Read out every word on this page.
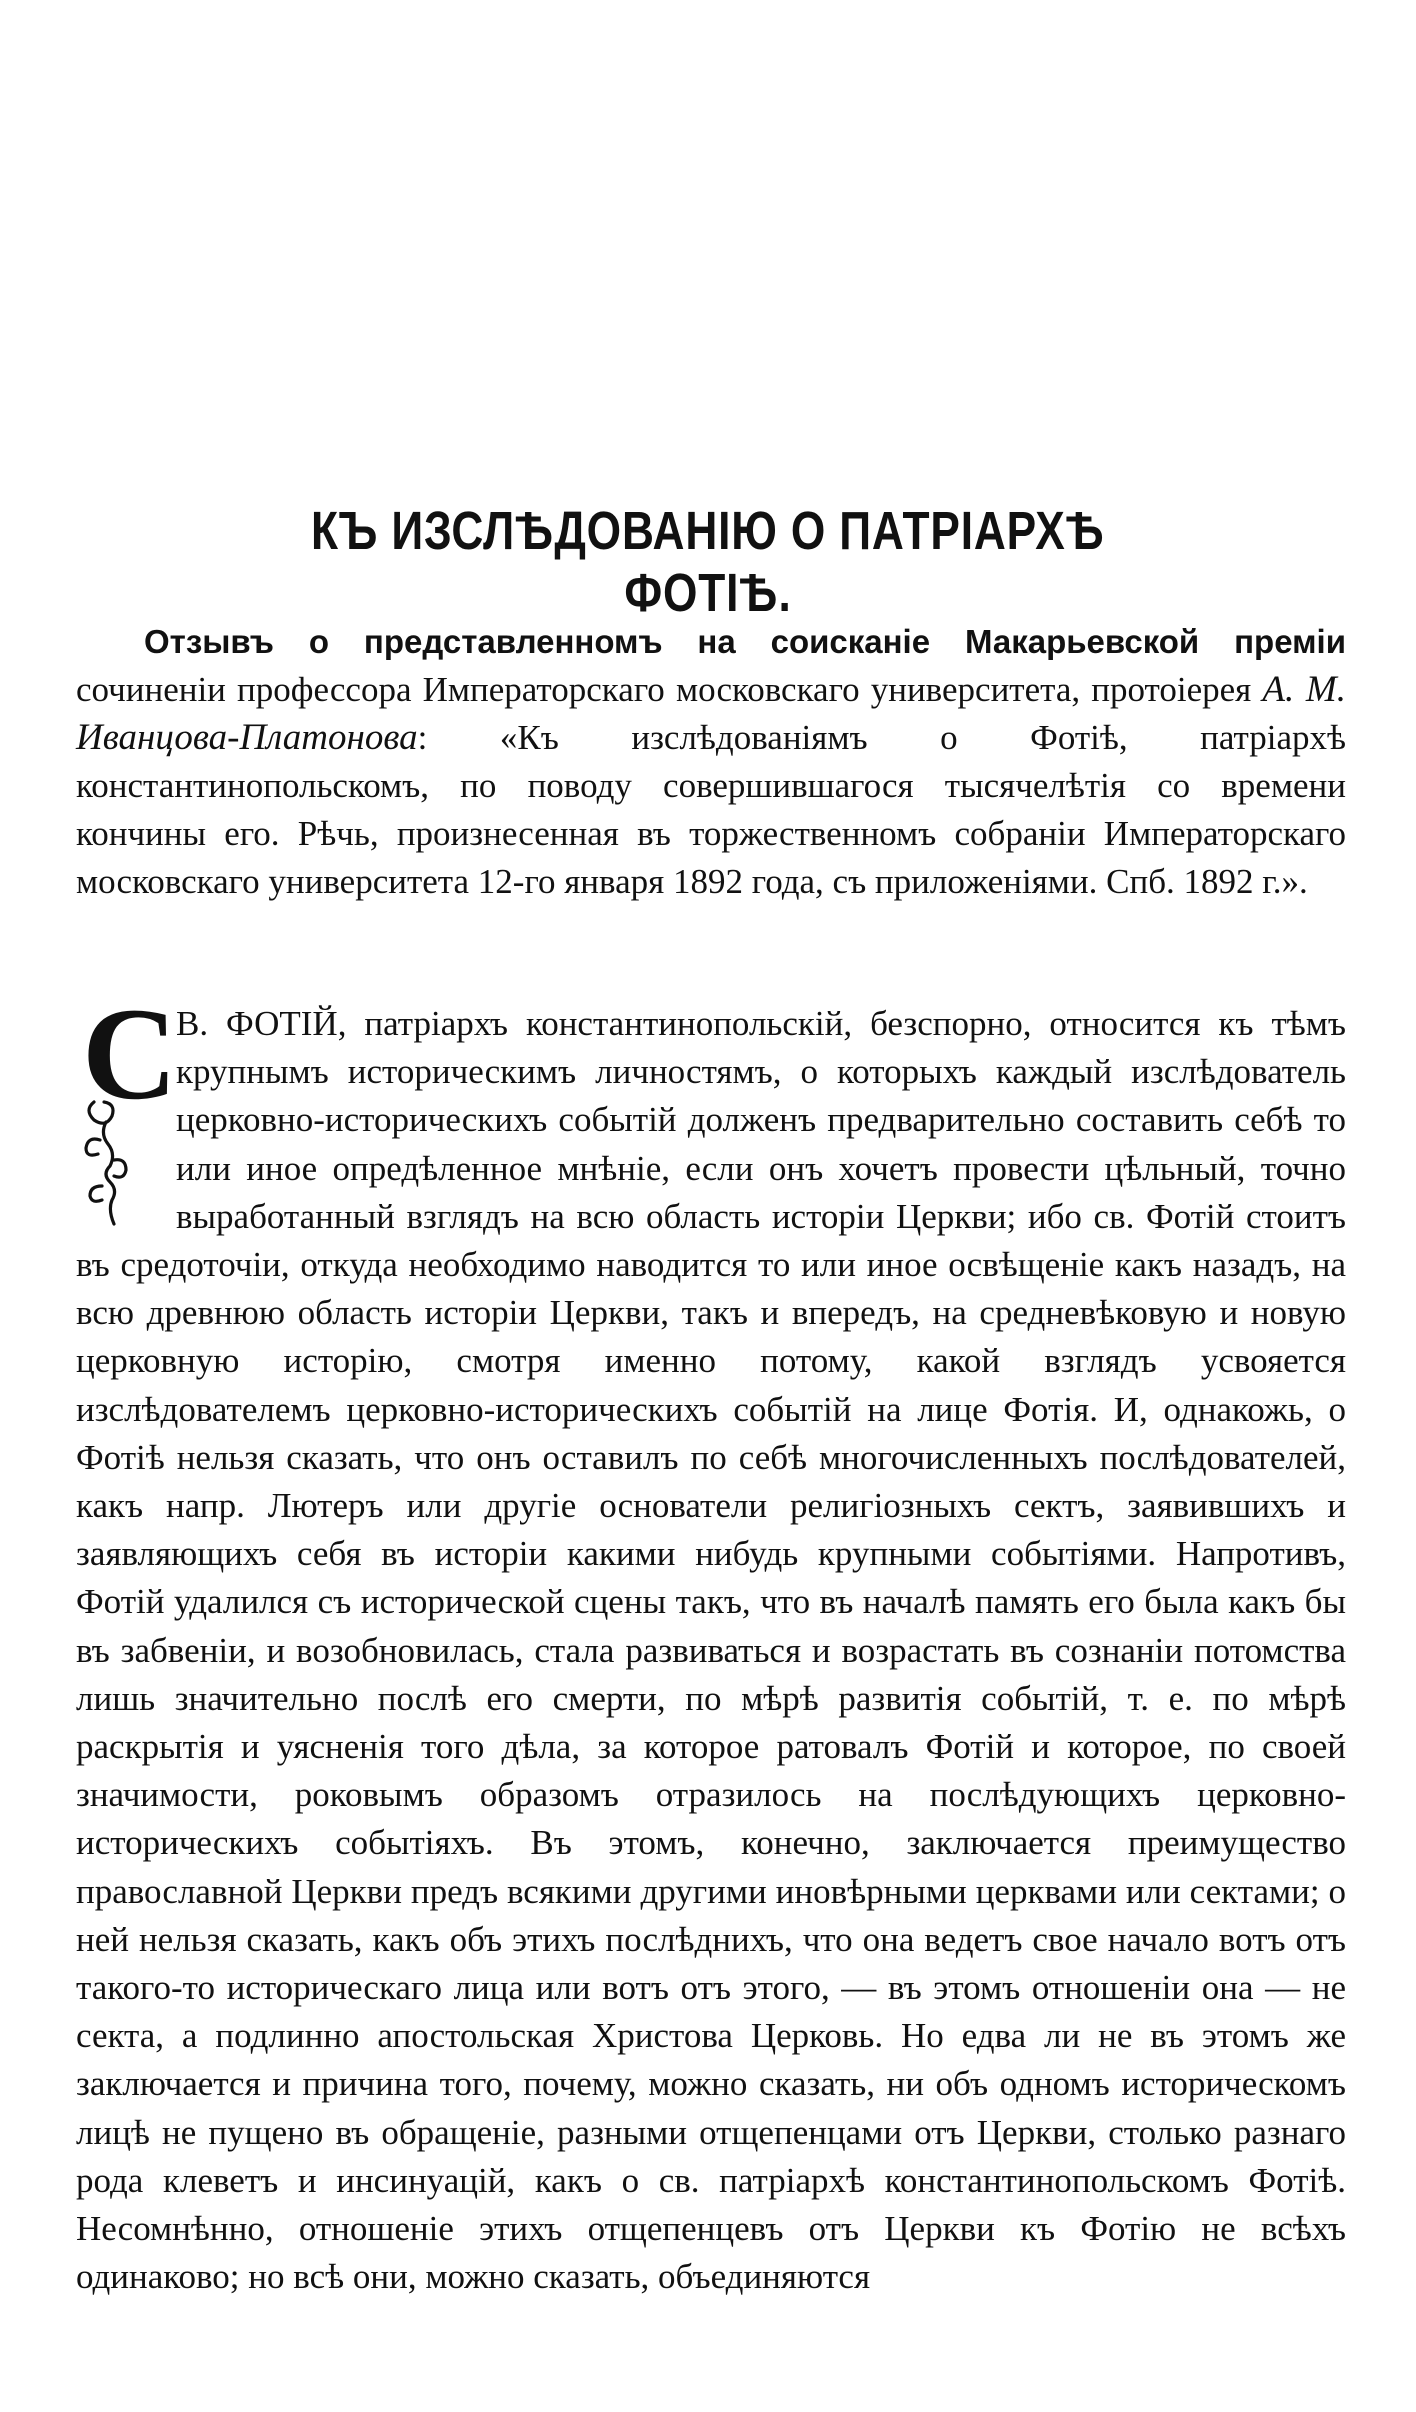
КЪ ИЗСЛѢДОВАНІЮ О ПАТРІАРХѢ ФОТІѢ.

Отзывъ о представленномъ на соисканіе Макарьевской преміи сочиненіи профессора Императорскаго московскаго университета, протоіерея А. М. Иванцова-Платонова: «Къ изслѣдованіямъ о Фотіѣ, патріархѣ константинопольскомъ, по поводу совершившагося тысячелѣтія со времени кончины его. Рѣчь, произнесенная въ торжественномъ собраніи Императорскаго московскаго университета 12-го января 1892 года, съ приложеніями. Спб. 1892 г.».

С

В. ФОТІЙ, патріархъ константинопольскій, безспорно, относится къ тѣмъ крупнымъ историческимъ личностямъ, о которыхъ каждый изслѣдователь церковно-историческихъ событій долженъ предварительно составить себѣ то или иное опредѣленное мнѣніе, если онъ хочетъ провести цѣльный, точно выработанный взглядъ на всю область исторіи Церкви; ибо св. Фотій стоитъ въ средоточіи, откуда необходимо наводится то или иное освѣщеніе какъ назадъ, на всю древнюю область исторіи Церкви, такъ и впередъ, на средневѣковую и новую церковную исторію, смотря именно потому, какой взглядъ усвояется изслѣдователемъ церковно-историческихъ событій на лице Фотія. И, однакожь, о Фотіѣ нельзя сказать, что онъ оставилъ по себѣ многочисленныхъ послѣдователей, какъ напр. Лютеръ или другіе основатели религіозныхъ сектъ, заявившихъ и заявляющихъ себя въ исторіи какими нибудь крупными событіями. Напротивъ, Фотій удалился съ исторической сцены такъ, что въ началѣ память его была какъ бы въ забвеніи, и возобновилась, стала развиваться и возрастать въ сознаніи потомства лишь значительно послѣ его смерти, по мѣрѣ развитія событій, т. е. по мѣрѣ раскрытія и уясненія того дѣла, за которое ратовалъ Фотій и которое, по своей значимости, роковымъ образомъ отразилось на послѣдующихъ церковно-историческихъ событіяхъ. Въ этомъ, конечно, заключается преимущество православной Церкви предъ всякими другими иновѣрными церквами или сектами; о ней нельзя сказать, какъ объ этихъ послѣднихъ, что она ведетъ свое начало вотъ отъ такого-то историческаго лица или вотъ отъ этого, — въ этомъ отношеніи она — не секта, а подлинно апостольская Христова Церковь. Но едва ли не въ этомъ же заключается и причина того, почему, можно сказать, ни объ одномъ историческомъ лицѣ не пущено въ обращеніе, разными отщепенцами отъ Церкви, столько разнаго рода клеветъ и инсинуацій, какъ о св. патріархѣ константинопольскомъ Фотіѣ. Несомнѣнно, отношеніе этихъ отщепенцевъ отъ Церкви къ Фотію не всѣхъ одинаково; но всѣ они, можно сказать, объединяются
